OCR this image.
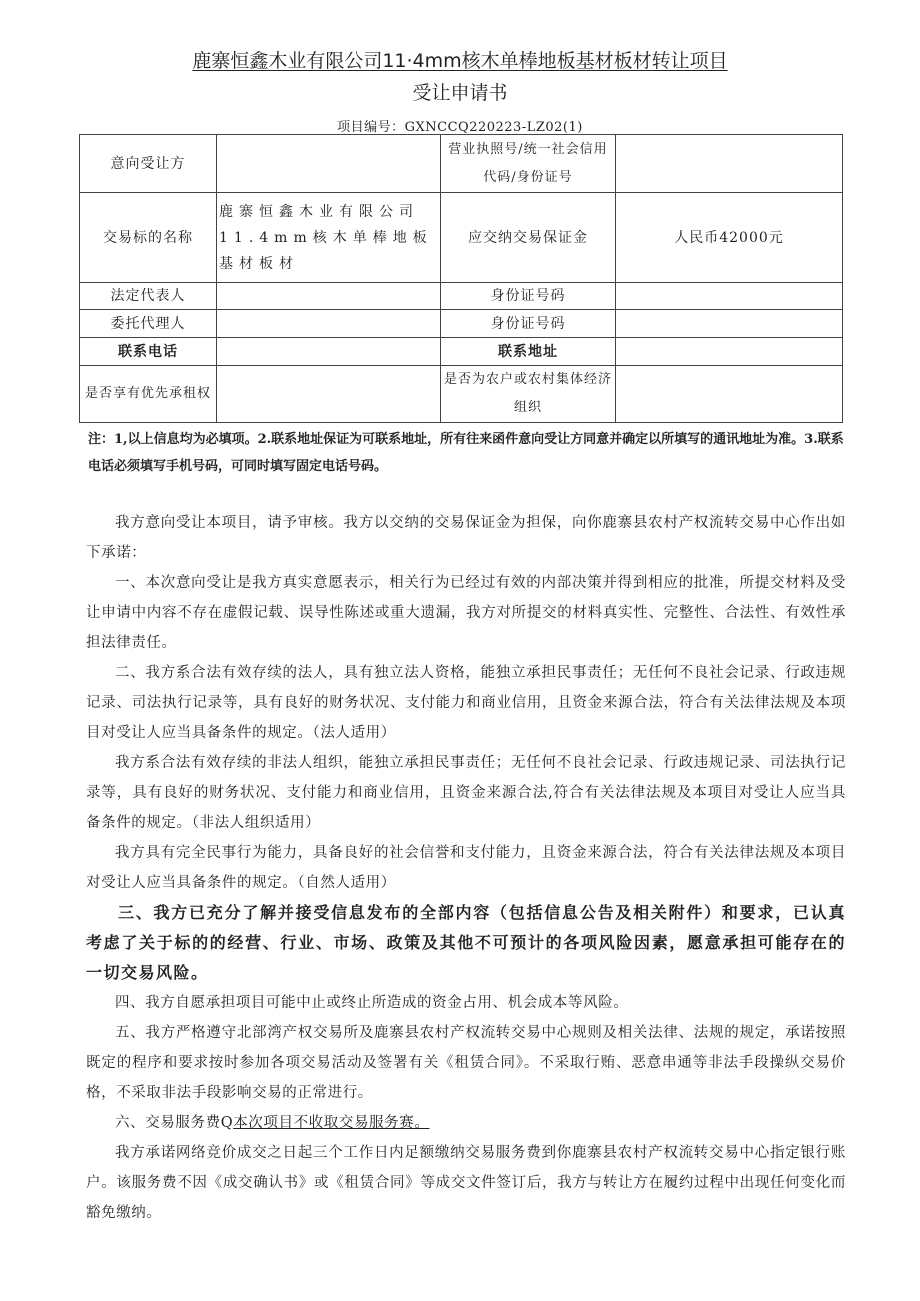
鹿寨恒鑫木业有限公司11·4mm核木单棒地板基材板材转让项目
受让申请书
项目编号：GXNCCQ220223-LZ02(1)
意向受让方		营业执照号/统一社会信用代码/身份证号	
交易标的名称	鹿寨恒鑫木业有限公司11.4mm核木单棒地板基材板材	应交纳交易保证金	人民币42000元
法定代表人		身份证号码	
委托代理人		身份证号码	
联系电话		联系地址	
是否享有优先承租权		是否为农户或农村集体经济组织	
注：1,以上信息均为必填项。2.联系地址保证为可联系地址，所有往来函件意向受让方同意并确定以所填写的通讯地址为准。3.联系电话必须填写手机号码，可同时填写固定电话号码。

我方意向受让本项目，请予审核。我方以交纳的交易保证金为担保，向你鹿寨县农村产权流转交易中心作出如下承诺：

一、本次意向受让是我方真实意愿表示，相关行为已经过有效的内部决策并得到相应的批准，所提交材料及受让申请中内容不存在虚假记载、误导性陈述或重大遗漏，我方对所提交的材料真实性、完整性、合法性、有效性承担法律责任。

二、我方系合法有效存续的法人，具有独立法人资格，能独立承担民事责任；无任何不良社会记录、行政违规记录、司法执行记录等，具有良好的财务状况、支付能力和商业信用，且资金来源合法，符合有关法律法规及本项目对受让人应当具备条件的规定。（法人适用）

我方系合法有效存续的非法人组织，能独立承担民事责任；无任何不良社会记录、行政违规记录、司法执行记录等，具有良好的财务状况、支付能力和商业信用，且资金来源合法,符合有关法律法规及本项目对受让人应当具备条件的规定。（非法人组织适用）

我方具有完全民事行为能力，具备良好的社会信誉和支付能力，且资金来源合法，符合有关法律法规及本项目对受让人应当具备条件的规定。（自然人适用）

三、我方已充分了解并接受信息发布的全部内容（包括信息公告及相关附件）和要求，已认真考虑了关于标的的经营、行业、市场、政策及其他不可预计的各项风险因素，愿意承担可能存在的一切交易风险。

四、我方自愿承担项目可能中止或终止所造成的资金占用、机会成本等风险。

五、我方严格遵守北部湾产权交易所及鹿寨县农村产权流转交易中心规则及相关法律、法规的规定，承诺按照既定的程序和要求按时参加各项交易活动及签署有关《租赁合同》。不采取行贿、恶意串通等非法手段操纵交易价格，不采取非法手段影响交易的正常进行。

六、交易服务费Q本次项目不收取交易服务赛。

我方承诺网络竞价成交之日起三个工作日内足额缴纳交易服务费到你鹿寨县农村产权流转交易中心指定银行账户。该服务费不因《成交确认书》或《租赁合同》等成交文件签订后，我方与转让方在履约过程中出现任何变化而豁免缴纳。
